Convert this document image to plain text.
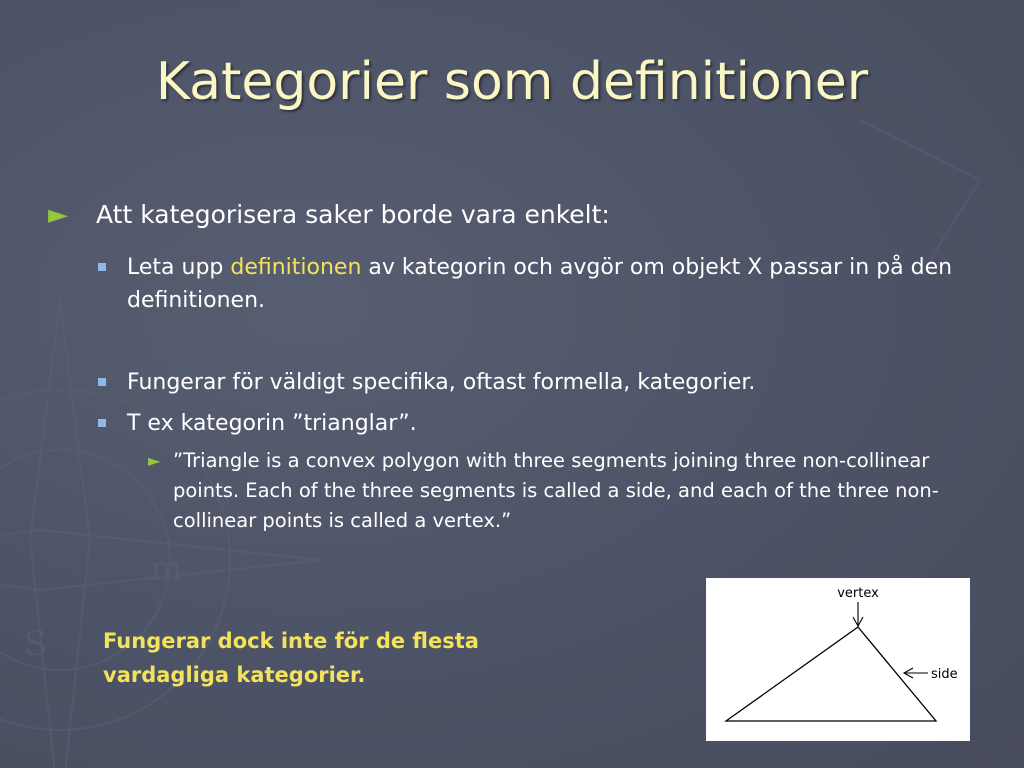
m
S
Kategorier som definitioner
► Att kategorisera saker borde vara enkelt:
Leta upp definitionen av kategorin och avgör om objekt X passar in på den definitionen.
Fungerar för väldigt specifika, oftast formella, kategorier.
T ex kategorin ”trianglar”.
► ”Triangle is a convex polygon with three segments joining three non-collinear points. Each of the three segments is called a side, and each of the three non-collinear points is called a vertex.”
Fungerar dock inte för de flesta vardagliga kategorier.
vertex
side
